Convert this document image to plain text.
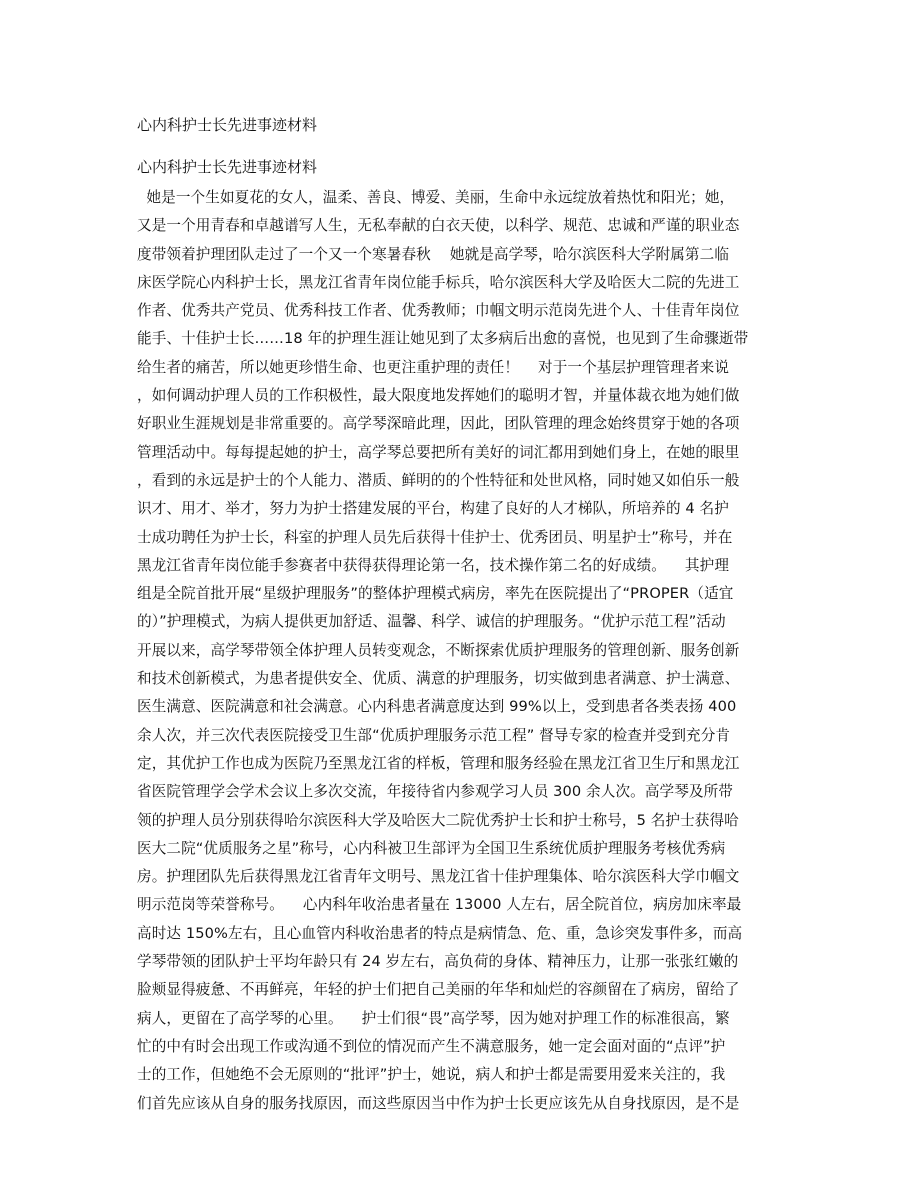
心内科护士长先进事迹材料
心内科护士长先进事迹材料
她是一个生如夏花的女人，温柔、善良、博爱、美丽，生命中永远绽放着热忱和阳光；她，
又是一个用青春和卓越谱写人生，无私奉献的白衣天使，以科学、规范、忠诚和严谨的职业态
度带领着护理团队走过了一个又一个寒暑春秋    她就是高学琴，哈尔滨医科大学附属第二临
床医学院心内科护士长，黑龙江省青年岗位能手标兵，哈尔滨医科大学及哈医大二院的先进工
作者、优秀共产党员、优秀科技工作者、优秀教师；巾帼文明示范岗先进个人、十佳青年岗位
能手、十佳护士长……18 年的护理生涯让她见到了太多病后出愈的喜悦，也见到了生命骤逝带
给生者的痛苦，所以她更珍惜生命、也更注重护理的责任！    对于一个基层护理管理者来说
，如何调动护理人员的工作积极性，最大限度地发挥她们的聪明才智，并量体裁衣地为她们做
好职业生涯规划是非常重要的。高学琴深暗此理，因此，团队管理的理念始终贯穿于她的各项
管理活动中。每每提起她的护士，高学琴总要把所有美好的词汇都用到她们身上，在她的眼里
，看到的永远是护士的个人能力、潜质、鲜明的的个性特征和处世风格，同时她又如伯乐一般
识才、用才、举才，努力为护士搭建发展的平台，构建了良好的人才梯队，所培养的 4 名护
士成功聘任为护士长，科室的护理人员先后获得十佳护士、优秀团员、明星护士”称号，并在
黑龙江省青年岗位能手参赛者中获得获得理论第一名，技术操作第二名的好成绩。    其护理
组是全院首批开展“星级护理服务”的整体护理模式病房，率先在医院提出了“PROPER（适宜
的）”护理模式，为病人提供更加舒适、温馨、科学、诚信的护理服务。“优护示范工程”活动
开展以来，高学琴带领全体护理人员转变观念，不断探索优质护理服务的管理创新、服务创新
和技术创新模式，为患者提供安全、优质、满意的护理服务，切实做到患者满意、护士满意、
医生满意、医院满意和社会满意。心内科患者满意度达到 99%以上，受到患者各类表扬 400
余人次，并三次代表医院接受卫生部“优质护理服务示范工程” 督导专家的检查并受到充分肯
定，其优护工作也成为医院乃至黑龙江省的样板，管理和服务经验在黑龙江省卫生厅和黑龙江
省医院管理学会学术会议上多次交流，年接待省内参观学习人员 300 余人次。高学琴及所带
领的护理人员分别获得哈尔滨医科大学及哈医大二院优秀护士长和护士称号，5 名护士获得哈
医大二院“优质服务之星”称号，心内科被卫生部评为全国卫生系统优质护理服务考核优秀病
房。护理团队先后获得黑龙江省青年文明号、黑龙江省十佳护理集体、哈尔滨医科大学巾帼文
明示范岗等荣誉称号。    心内科年收治患者量在 13000 人左右，居全院首位，病房加床率最
高时达 150%左右，且心血管内科收治患者的特点是病情急、危、重，急诊突发事件多，而高
学琴带领的团队护士平均年龄只有 24 岁左右，高负荷的身体、精神压力，让那一张张红嫩的
脸颊显得疲惫、不再鲜亮，年轻的护士们把自己美丽的年华和灿烂的容颜留在了病房，留给了
病人，更留在了高学琴的心里。    护士们很“畏”高学琴，因为她对护理工作的标准很高，繁
忙的中有时会出现工作或沟通不到位的情况而产生不满意服务，她一定会面对面的“点评”护
士的工作，但她绝不会无原则的“批评”护士，她说，病人和护士都是需要用爱来关注的，我
们首先应该从自身的服务找原因，而这些原因当中作为护士长更应该先从自身找原因，是不是
